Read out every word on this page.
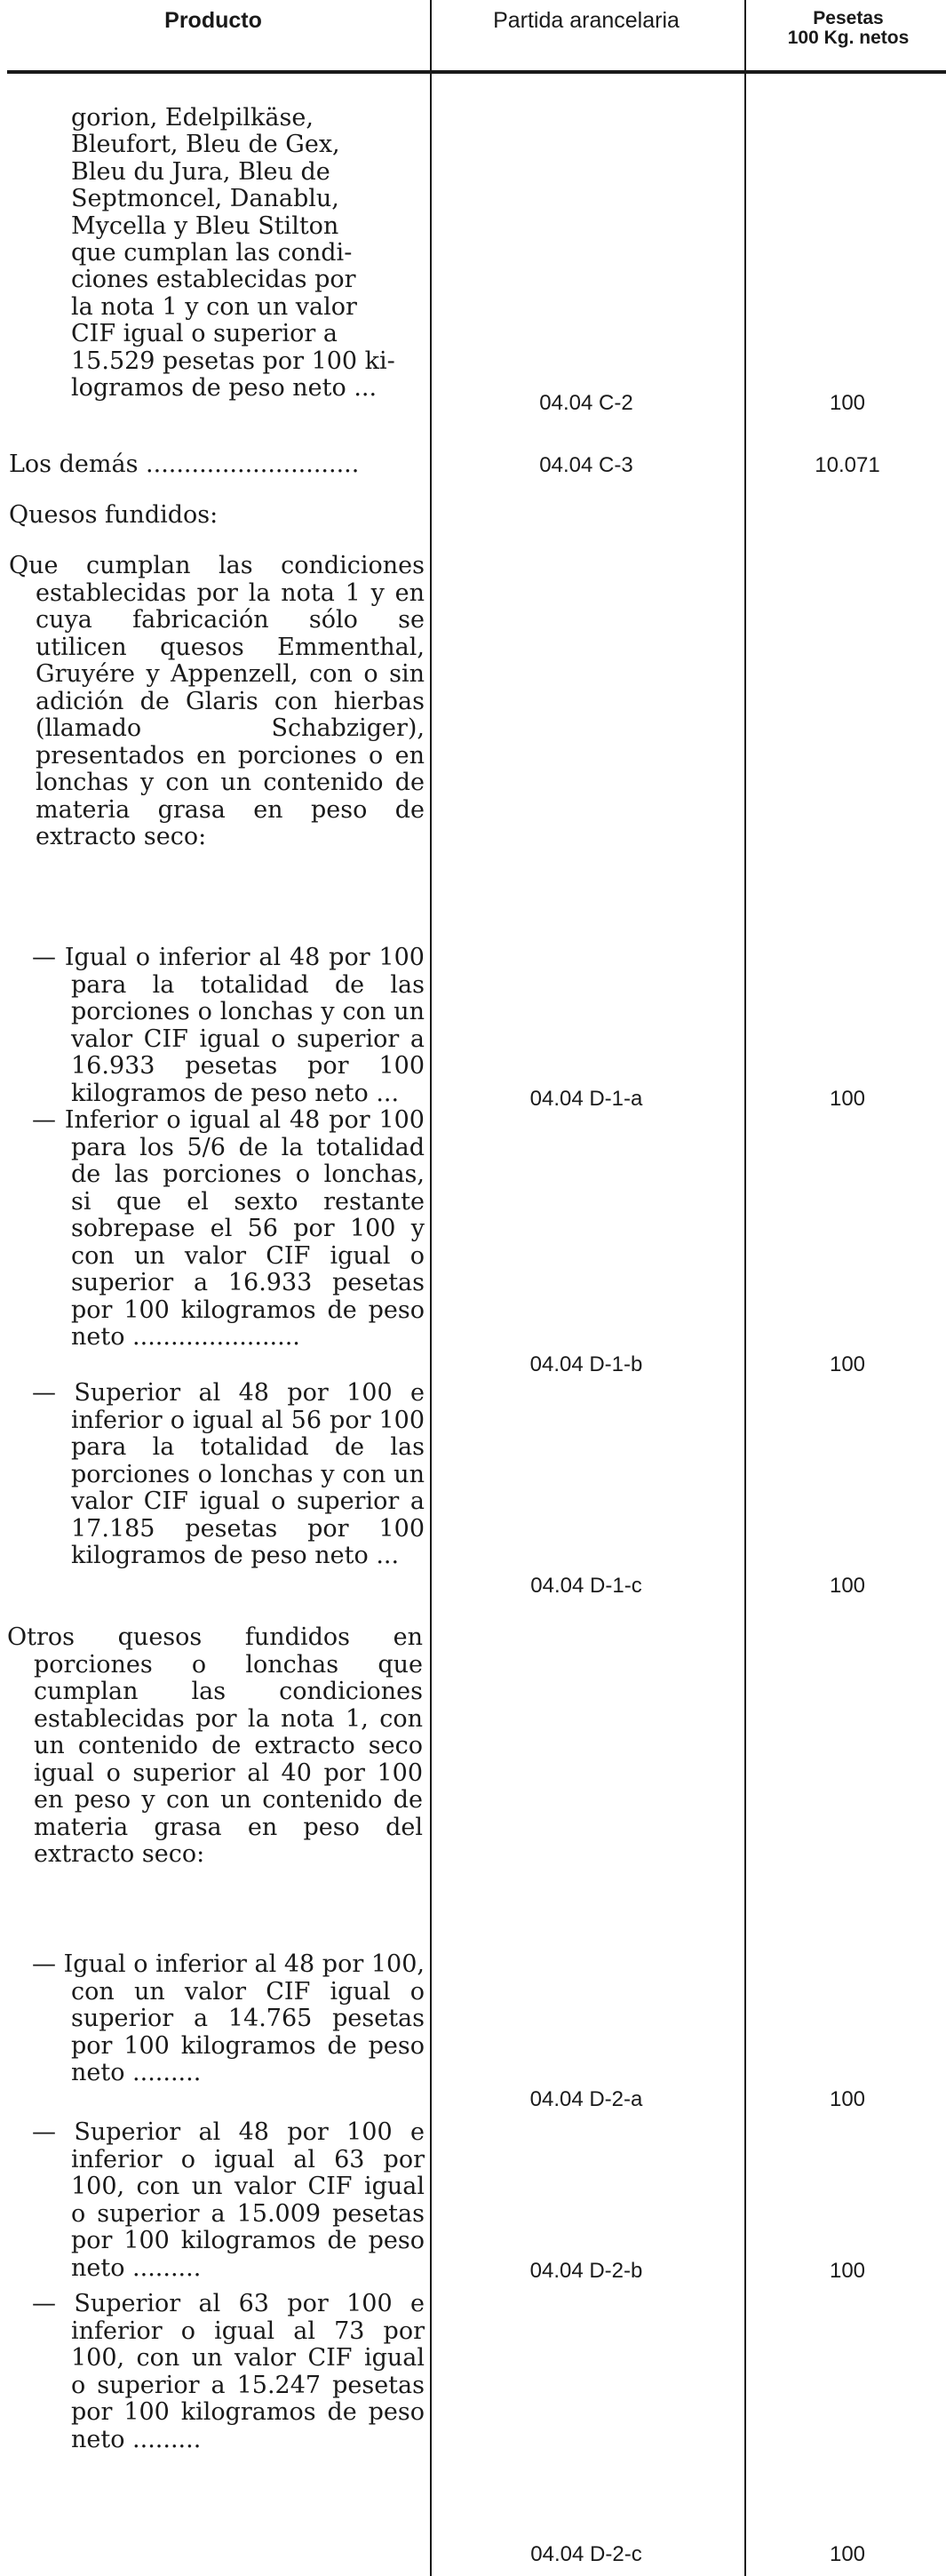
Producto	Partida arancelaria	Pesetas
100 Kg. netos
gorion, Edelpilkäse,
Bleufort, Bleu de Gex,
Bleu du Jura, Bleu de
Septmoncel, Danablu,
Mycella y Bleu Stilton
que cumplan las condi-
ciones establecidas por
la nota 1 y con un valor
CIF igual o superior a
15.529 pesetas por 100 ki-
logramos de peso neto ...
04.04 C-2	100
Los demás ............................	04.04 C-3	10.071
Quesos fundidos:
Que cumplan las condiciones establecidas por la nota 1 y en cuya fabricación sólo se utilicen quesos Emmenthal, Gruyére y Appenzell, con o sin adición de Glaris con hierbas (llamado Schabziger), presentados en porciones o en lonchas y con un contenido de materia grasa en peso de extracto seco:
— Igual o inferior al 48 por 100 para la totalidad de las porciones o lonchas y con un valor CIF igual o superior a 16.933 pesetas por 100 kilogramos de peso neto ...	04.04 D-1-a	100
— Inferior o igual al 48 por 100 para los 5/6 de la totalidad de las porciones o lonchas, si que el sexto restante sobrepase el 56 por 100 y con un valor CIF igual o superior a 16.933 pesetas por 100 kilogramos de peso neto ......................
04.04 D-1-b	100
— Superior al 48 por 100 e inferior o igual al 56 por 100 para la totalidad de las porciones o lonchas y con un valor CIF igual o superior a 17.185 pesetas por 100 kilogramos de peso neto ...
04.04 D-1-c	100
Otros quesos fundidos en porciones o lonchas que cumplan las condiciones establecidas por la nota 1, con un contenido de extracto seco igual o superior al 40 por 100 en peso y con un contenido de materia grasa en peso del extracto seco:
— Igual o inferior al 48 por 100, con un valor CIF igual o superior a 14.765 pesetas por 100 kilogramos de peso neto .........
04.04 D-2-a	100
— Superior al 48 por 100 e inferior o igual al 63 por 100, con un valor CIF igual o superior a 15.009 pesetas por 100 kilogramos de peso neto .........	04.04 D-2-b	100
— Superior al 63 por 100 e inferior o igual al 73 por 100, con un valor CIF igual o superior a 15.247 pesetas por 100 kilogramos de peso neto .........
04.04 D-2-c	100
